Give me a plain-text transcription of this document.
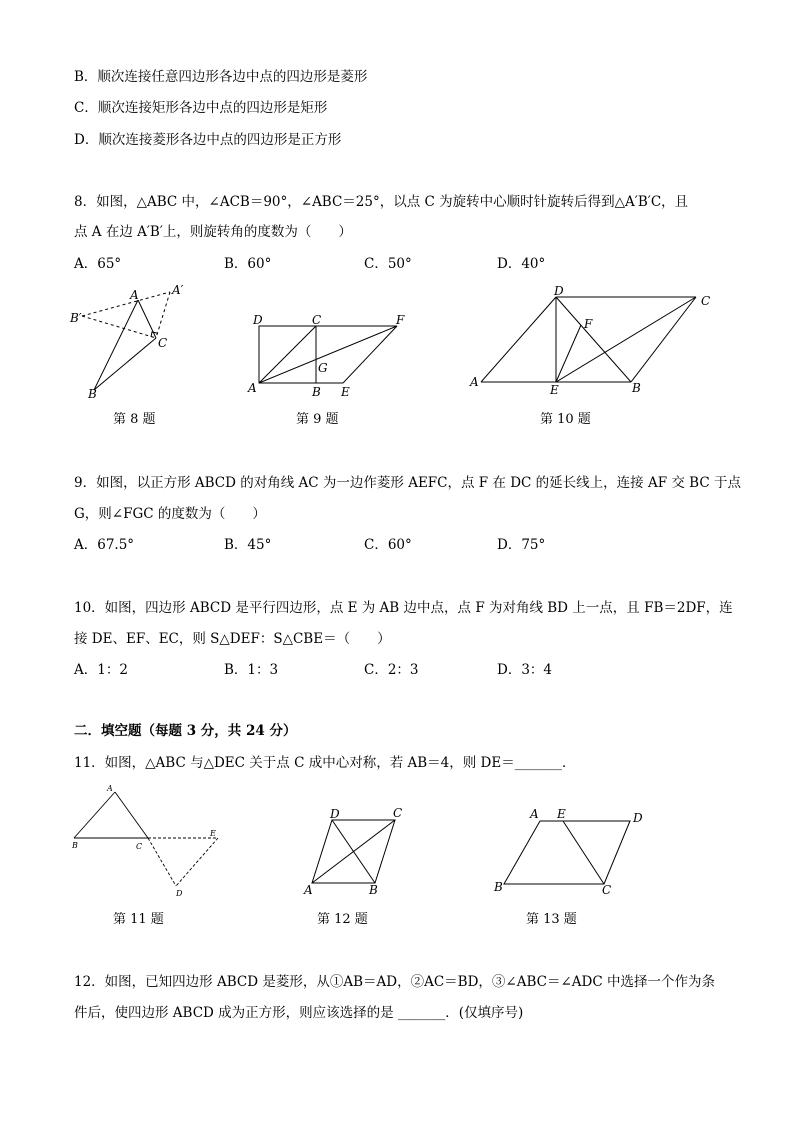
B．顺次连接任意四边形各边中点的四边形是菱形
C．顺次连接矩形各边中点的四边形是矩形
D．顺次连接菱形各边中点的四边形是正方形
8．如图，△ABC 中，∠ACB＝90°，∠ABC＝25°，以点 C 为旋转中心顺时针旋转后得到△A′B′C，且
点 A 在边 A′B′上，则旋转角的度数为（　　）
A．65°	B．60°	C．50°	D．40°
A	A′
B′
C
B
D	C	F
G
A	B E
D
C
F
A
E	B
第 8 题	第 9 题	第 10 题
9．如图，以正方形 ABCD 的对角线 AC 为一边作菱形 AEFC，点 F 在 DC 的延长线上，连接 AF 交 BC 于点
G，则∠FGC 的度数为（　　）
A．67.5°	B．45°	C．60°	D．75°
10．如图，四边形 ABCD 是平行四边形，点 E 为 AB 边中点，点 F 为对角线 BD 上一点，且 FB＝2DF，连
接 DE、EF、EC，则 S△DEF：S△CBE＝（　　）
A．1：2	B．1：3	C．2：3	D．3：4
二．填空题（每题 3 分，共 24 分）
11．如图，△ABC 与△DEC 关于点 C 成中心对称，若 AB＝4，则 DE＝_______．
A
B	C
E
D
D	C
A	B
A E	D
B	C
第 11 题	第 12 题	第 13 题
12．如图，已知四边形 ABCD 是菱形，从①AB＝AD，②AC＝BD，③∠ABC＝∠ADC 中选择一个作为条
件后，使四边形 ABCD 成为正方形，则应该选择的是 _______．(仅填序号)
